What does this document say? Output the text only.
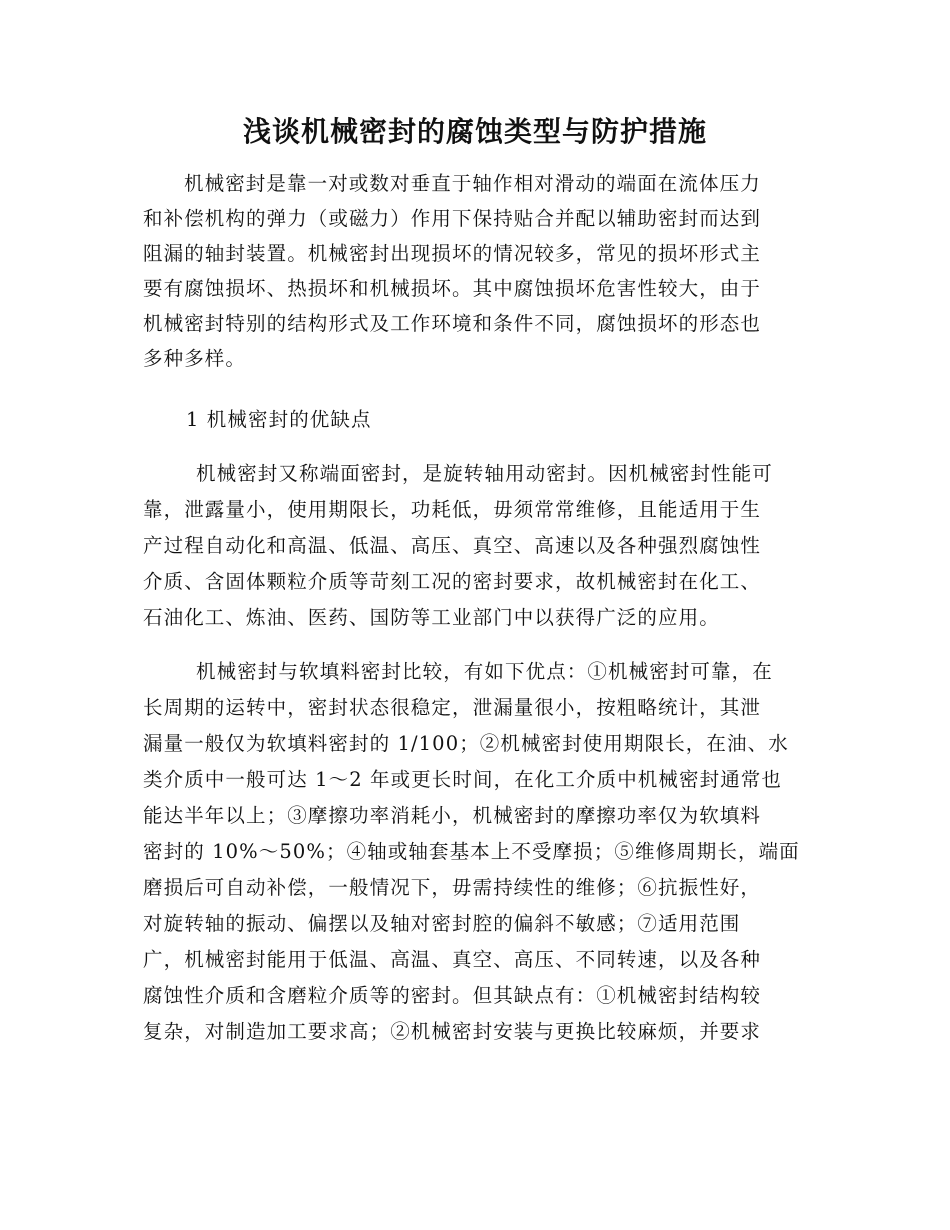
浅谈机械密封的腐蚀类型与防护措施
机械密封是靠一对或数对垂直于轴作相对滑动的端面在流体压力
和补偿机构的弹力（或磁力）作用下保持贴合并配以辅助密封而达到
阻漏的轴封装置。机械密封出现损坏的情况较多，常见的损坏形式主
要有腐蚀损坏、热损坏和机械损坏。其中腐蚀损坏危害性较大，由于
机械密封特别的结构形式及工作环境和条件不同，腐蚀损坏的形态也
多种多样。
1 机械密封的优缺点
机械密封又称端面密封，是旋转轴用动密封。因机械密封性能可
靠，泄露量小，使用期限长，功耗低，毋须常常维修，且能适用于生
产过程自动化和高温、低温、高压、真空、高速以及各种强烈腐蚀性
介质、含固体颗粒介质等苛刻工况的密封要求，故机械密封在化工、
石油化工、炼油、医药、国防等工业部门中以获得广泛的应用。
机械密封与软填料密封比较，有如下优点：①机械密封可靠，在
长周期的运转中，密封状态很稳定，泄漏量很小，按粗略统计，其泄
漏量一般仅为软填料密封的 1/100；②机械密封使用期限长，在油、水
类介质中一般可达 1～2 年或更长时间，在化工介质中机械密封通常也
能达半年以上；③摩擦功率消耗小，机械密封的摩擦功率仅为软填料
密封的 10%～50%；④轴或轴套基本上不受摩损；⑤维修周期长，端面
磨损后可自动补偿，一般情况下，毋需持续性的维修；⑥抗振性好，
对旋转轴的振动、偏摆以及轴对密封腔的偏斜不敏感；⑦适用范围
广，机械密封能用于低温、高温、真空、高压、不同转速，以及各种
腐蚀性介质和含磨粒介质等的密封。但其缺点有：①机械密封结构较
复杂，对制造加工要求高；②机械密封安装与更换比较麻烦，并要求
